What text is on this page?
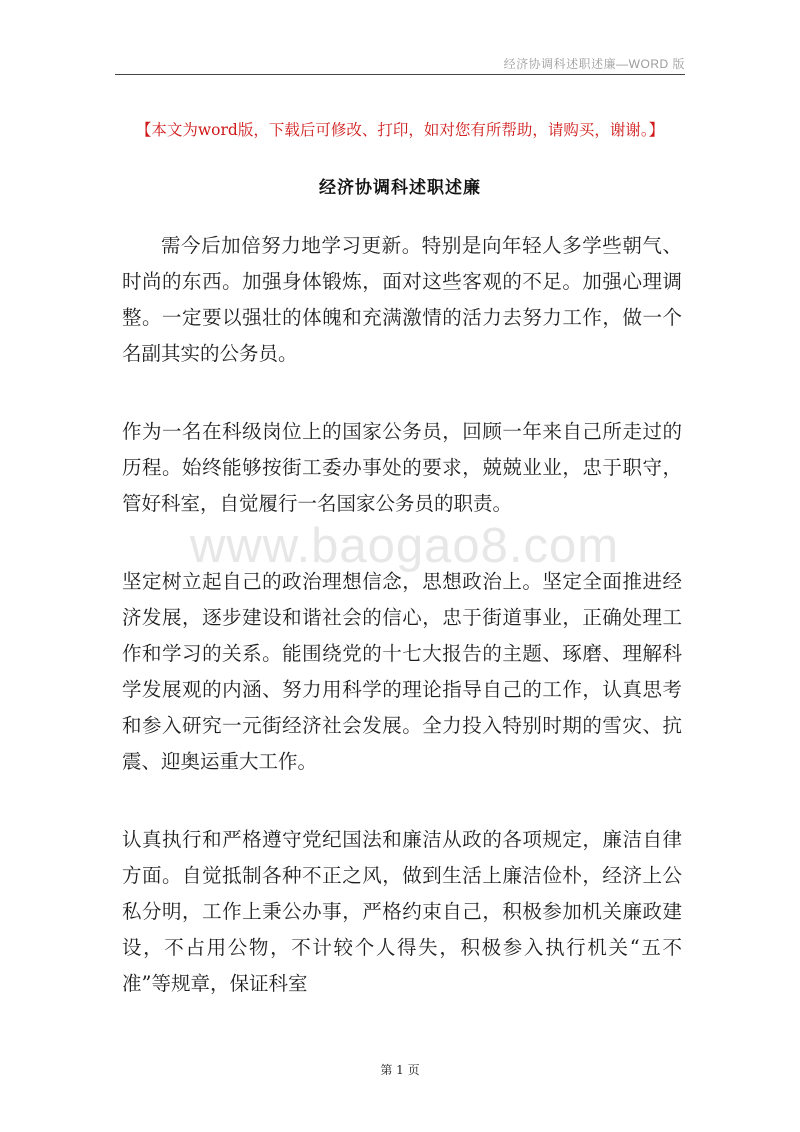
经济协调科述职述廉—WORD 版
【本文为word版，下载后可修改、打印，如对您有所帮助，请购买，谢谢。】
经济协调科述职述廉
www.baogao8.com

需今后加倍努力地学习更新。特别是向年轻人多学些朝气、时尚的东西。加强身体锻炼，面对这些客观的不足。加强心理调整。一定要以强壮的体魄和充满激情的活力去努力工作，做一个名副其实的公务员。

作为一名在科级岗位上的国家公务员，回顾一年来自己所走过的历程。始终能够按街工委办事处的要求，兢兢业业，忠于职守，管好科室，自觉履行一名国家公务员的职责。

坚定树立起自己的政治理想信念，思想政治上。坚定全面推进经济发展，逐步建设和谐社会的信心，忠于街道事业，正确处理工作和学习的关系。能围绕党的十七大报告的主题、琢磨、理解科学发展观的内涵、努力用科学的理论指导自己的工作，认真思考和参入研究一元街经济社会发展。全力投入特别时期的雪灾、抗震、迎奥运重大工作。

认真执行和严格遵守党纪国法和廉洁从政的各项规定，廉洁自律方面。自觉抵制各种不正之风，做到生活上廉洁俭朴，经济上公私分明，工作上秉公办事，严格约束自己，积极参加机关廉政建设，不占用公物，不计较个人得失，积极参入执行机关“五不准”等规章，保证科室

第 1 页
